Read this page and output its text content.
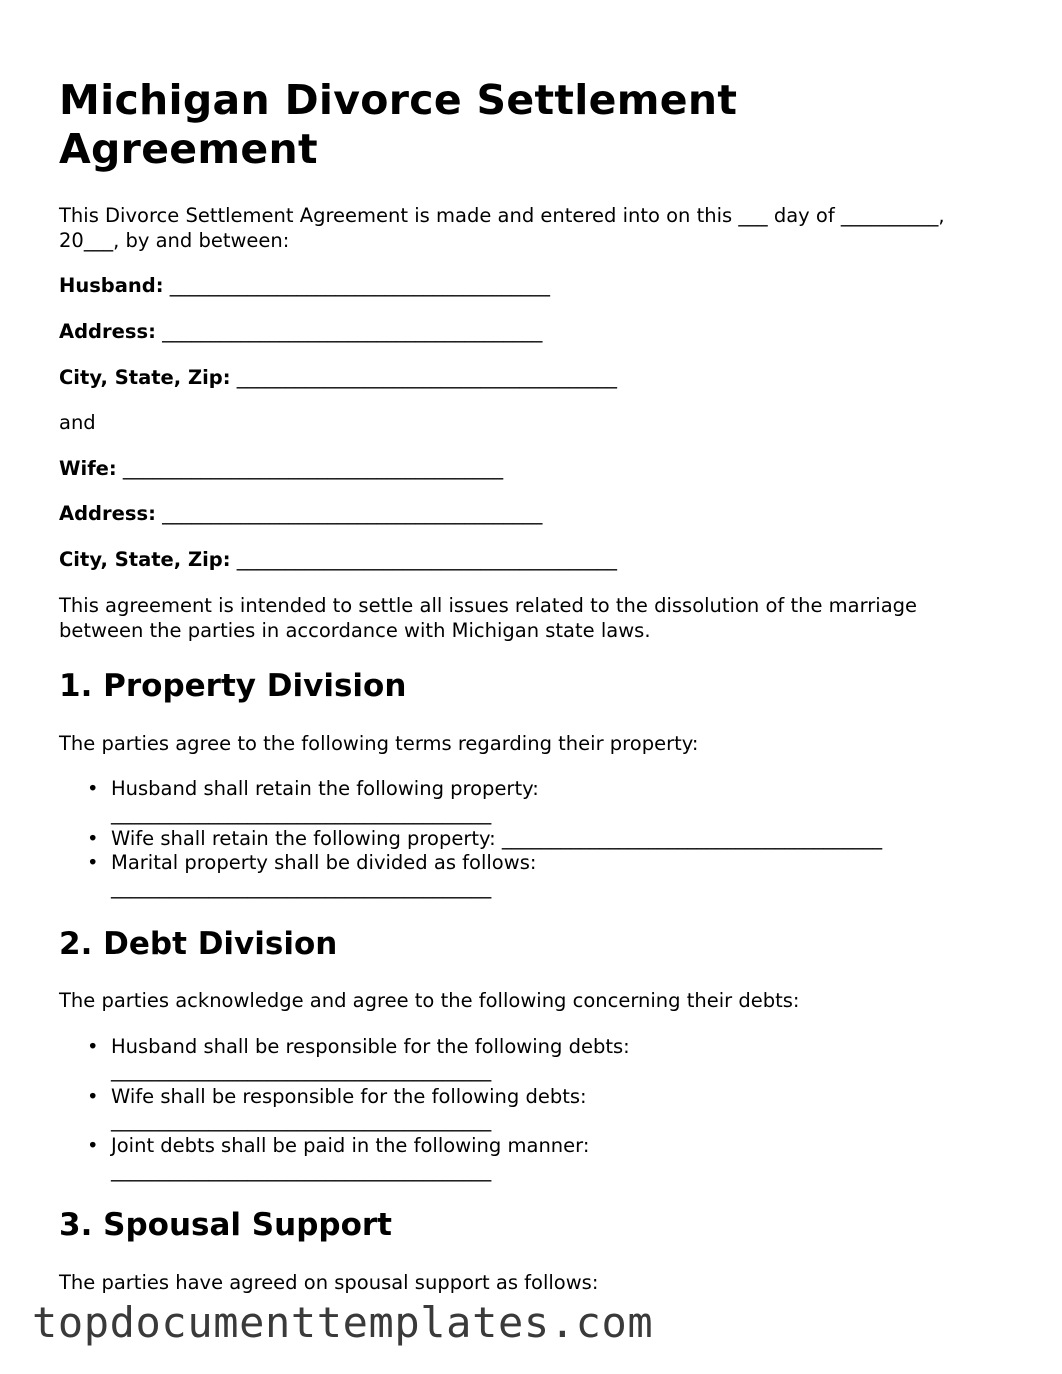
Michigan Divorce Settlement Agreement

This Divorce Settlement Agreement is made and entered into on this ___ day of __________,

20___, by and between:

Husband: _______________________________________

Address: _______________________________________

City, State, Zip: _______________________________________

and

Wife: _______________________________________

Address: _______________________________________

City, State, Zip: _______________________________________

This agreement is intended to settle all issues related to the dissolution of the marriage

between the parties in accordance with Michigan state laws.

1. Property Division

The parties agree to the following terms regarding their property:

• Husband shall retain the following property:

_______________________________________

• Wife shall retain the following property: _______________________________________

• Marital property shall be divided as follows:

_______________________________________

2. Debt Division

The parties acknowledge and agree to the following concerning their debts:

• Husband shall be responsible for the following debts:

_______________________________________

• Wife shall be responsible for the following debts:

_______________________________________

• Joint debts shall be paid in the following manner:

_______________________________________

3. Spousal Support

The parties have agreed on spousal support as follows:

topdocumenttemplates.com
